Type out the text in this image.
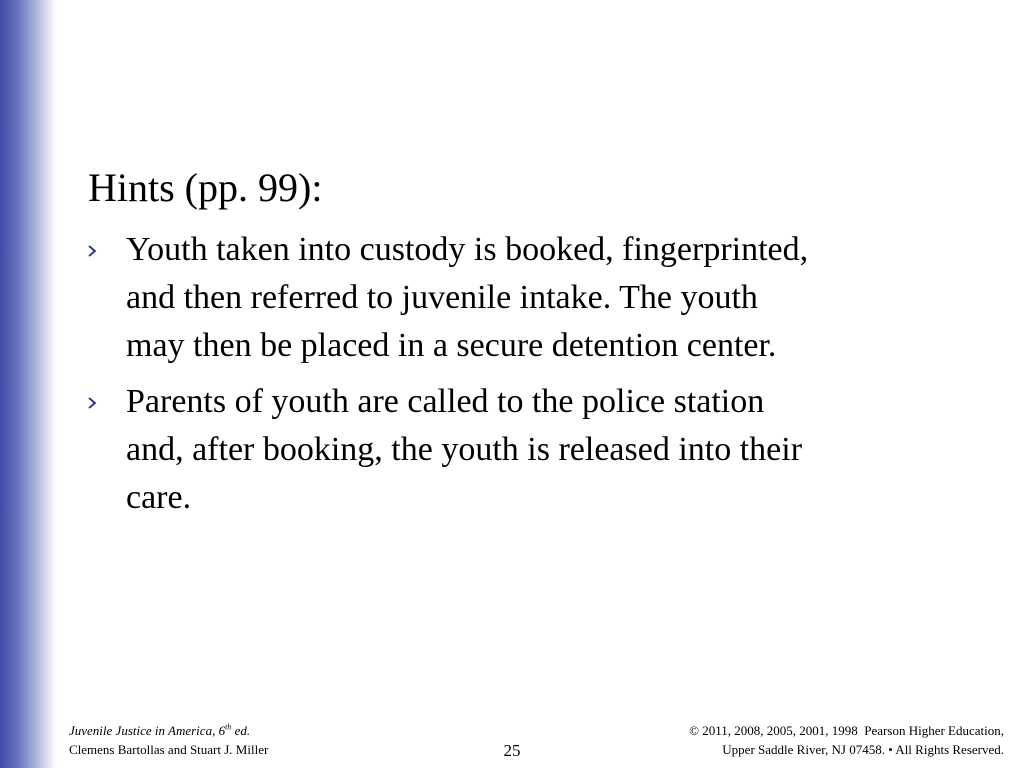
Hints (pp. 99):
Youth taken into custody is booked, fingerprinted,
and then referred to juvenile intake. The youth
may then be placed in a secure detention center.
Parents of youth are called to the police station
and, after booking, the youth is released into their
care.
Juvenile Justice in America, 6th ed.
Clemens Bartollas and Stuart J. Miller	25
© 2011, 2008, 2005, 2001, 1998  Pearson Higher Education,
Upper Saddle River, NJ 07458. • All Rights Reserved.
